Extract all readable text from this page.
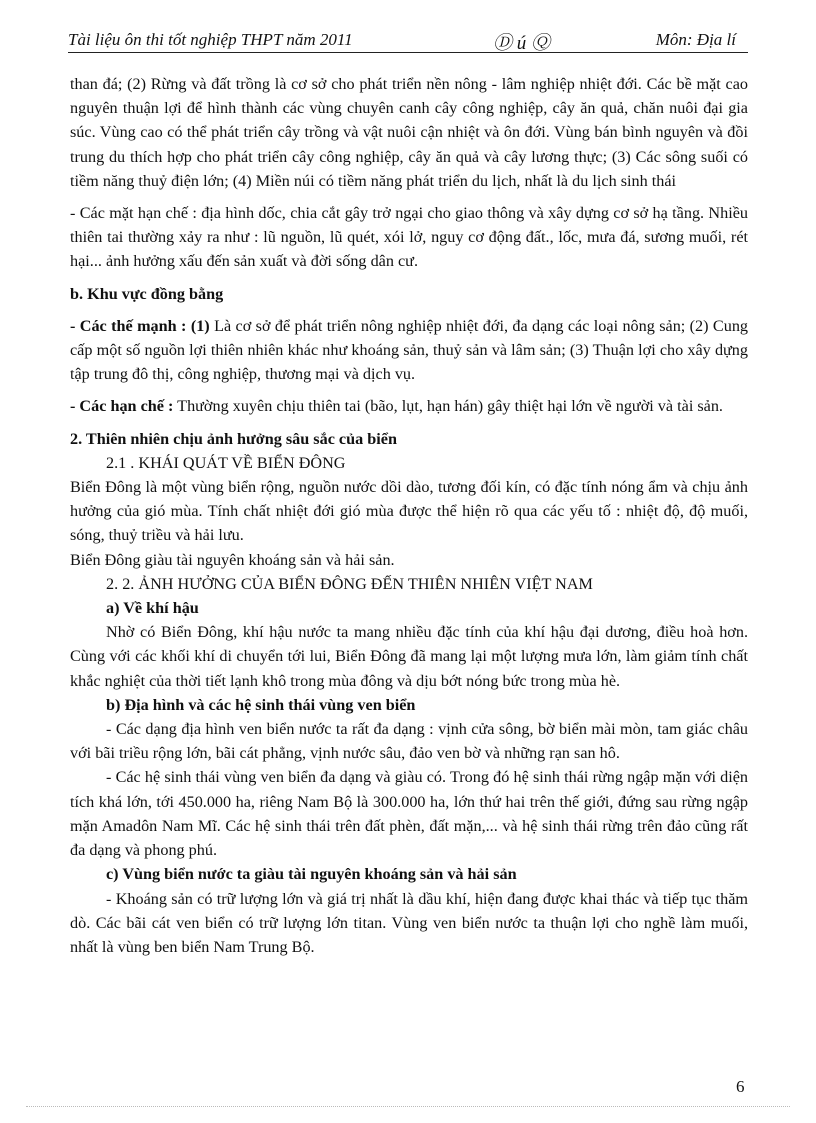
Tài liệu ôn thi tốt nghiệp THPT năm 2011	Ⓓ ú Ⓠ	Môn: Địa lí

than đá; (2) Rừng và đất trồng là cơ sở cho phát triển nền nông - lâm nghiệp nhiệt đới. Các bề mặt cao nguyên thuận lợi để hình thành các vùng chuyên canh cây công nghiệp, cây ăn quả, chăn nuôi đại gia súc. Vùng cao có thể phát triển cây trồng và vật nuôi cận nhiệt và ôn đới. Vùng bán bình nguyên và đồi trung du thích hợp cho phát triển cây công nghiệp, cây ăn quả và cây lương thực; (3) Các sông suối có tiềm năng thuỷ điện lớn; (4) Miền núi có tiềm năng phát triển du lịch, nhất là du lịch sinh thái

- Các mặt hạn chế : địa hình dốc, chia cắt gây trở ngại cho giao thông và xây dựng cơ sở hạ tầng. Nhiều thiên tai thường xảy ra như : lũ nguồn, lũ quét, xói lở, nguy cơ động đất., lốc, mưa đá, sương muối, rét hại... ảnh hưởng xấu đến sản xuất và đời sống dân cư.

b. Khu vực đồng bằng

- Các thế mạnh : (1) Là cơ sở để phát triển nông nghiệp nhiệt đới, đa dạng các loại nông sản; (2) Cung cấp một số nguồn lợi thiên nhiên khác như khoáng sản, thuỷ sản và lâm sản; (3) Thuận lợi cho xây dựng tập trung đô thị, công nghiệp, thương mại và dịch vụ.

- Các hạn chế : Thường xuyên chịu thiên tai (bão, lụt, hạn hán) gây thiệt hại lớn về người và tài sản.

2. Thiên nhiên chịu ảnh hưởng sâu sắc của biển

2.1 . KHÁI QUÁT VỀ BIỂN ĐÔNG

Biển Đông là một vùng biển rộng, nguồn nước dồi dào, tương đối kín, có đặc tính nóng ẩm và chịu ảnh hưởng của gió mùa. Tính chất nhiệt đới gió mùa được thể hiện rõ qua các yếu tố : nhiệt độ, độ muối, sóng, thuỷ triều và hải lưu.

Biển Đông giàu tài nguyên khoáng sản và hải sản.

2. 2. ẢNH HƯỞNG CỦA BIỂN ĐÔNG ĐẾN THIÊN NHIÊN VIỆT NAM

a) Về khí hậu

Nhờ có Biển Đông, khí hậu nước ta mang nhiều đặc tính của khí hậu đại dương, điều hoà hơn. Cùng với các khối khí di chuyển tới lui, Biển Đông đã mang lại một lượng mưa lớn, làm giảm tính chất khắc nghiệt của thời tiết lạnh khô trong mùa đông và dịu bớt nóng bức trong mùa hè.

b) Địa hình và các hệ sinh thái vùng ven biển

- Các dạng địa hình ven biển nước ta rất đa dạng : vịnh cửa sông, bờ biển mài mòn, tam giác châu với bãi triều rộng lớn, bãi cát phẳng, vịnh nước sâu, đảo ven bờ và những rạn san hô.

- Các hệ sinh thái vùng ven biển đa dạng và giàu có. Trong đó hệ sinh thái rừng ngập mặn với diện tích khá lớn, tới 450.000 ha, riêng Nam Bộ là 300.000 ha, lớn thứ hai trên thế giới, đứng sau rừng ngập mặn Amadôn Nam Mĩ. Các hệ sinh thái trên đất phèn, đất mặn,... và hệ sinh thái rừng trên đảo cũng rất đa dạng và phong phú.

c) Vùng biển nước ta giàu tài nguyên khoáng sản và hải sản

- Khoáng sản có trữ lượng lớn và giá trị nhất là dầu khí, hiện đang được khai thác và tiếp tục thăm dò. Các bãi cát ven biển có trữ lượng lớn titan. Vùng ven biển nước ta thuận lợi cho nghề làm muối, nhất là vùng ben biển Nam Trung Bộ.

6
